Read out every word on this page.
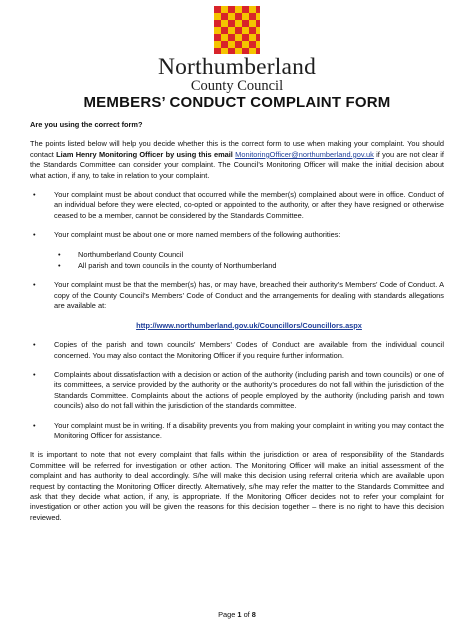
Northumberland
County Council
MEMBERS’ CONDUCT COMPLAINT FORM

Are you using the correct form?

The points listed below will help you decide whether this is the correct form to use when making your complaint. You should contact Liam Henry Monitoring Officer by using this email MonitoringOfficer@northumberland.gov.uk if you are not clear if the Standards Committee can consider your complaint. The Council’s Monitoring Officer will make the initial decision about what action, if any, to take in relation to your complaint.

• Your complaint must be about conduct that occurred while the member(s) complained about were in office. Conduct of an individual before they were elected, co-opted or appointed to the authority, or after they have resigned or otherwise ceased to be a member, cannot be considered by the Standards Committee.
• Your complaint must be about one or more named members of the following authorities:
• Northumberland County Council
• All parish and town councils in the county of Northumberland
• Your complaint must be that the member(s) has, or may have, breached their authority’s Members’ Code of Conduct. A copy of the County Council’s Members’ Code of Conduct and the arrangements for dealing with standards allegations are available at:

http://www.northumberland.gov.uk/Councillors/Councillors.aspx

• Copies of the parish and town councils’ Members’ Codes of Conduct are available from the individual council concerned. You may also contact the Monitoring Officer if you require further information.
• Complaints about dissatisfaction with a decision or action of the authority (including parish and town councils) or one of its committees, a service provided by the authority or the authority’s procedures do not fall within the jurisdiction of the Standards Committee. Complaints about the actions of people employed by the authority (including parish and town councils) also do not fall within the jurisdiction of the standards committee.
• Your complaint must be in writing. If a disability prevents you from making your complaint in writing you may contact the Monitoring Officer for assistance.

It is important to note that not every complaint that falls within the jurisdiction or area of responsibility of the Standards Committee will be referred for investigation or other action. The Monitoring Officer will make an initial assessment of the complaint and has authority to deal accordingly. S/he will make this decision using referral criteria which are available upon request by contacting the Monitoring Officer directly. Alternatively, s/he may refer the matter to the Standards Committee and ask that they decide what action, if any, is appropriate. If the Monitoring Officer decides not to refer your complaint for investigation or other action you will be given the reasons for this decision together – there is no right to have this decision reviewed.

Page 1 of 8
